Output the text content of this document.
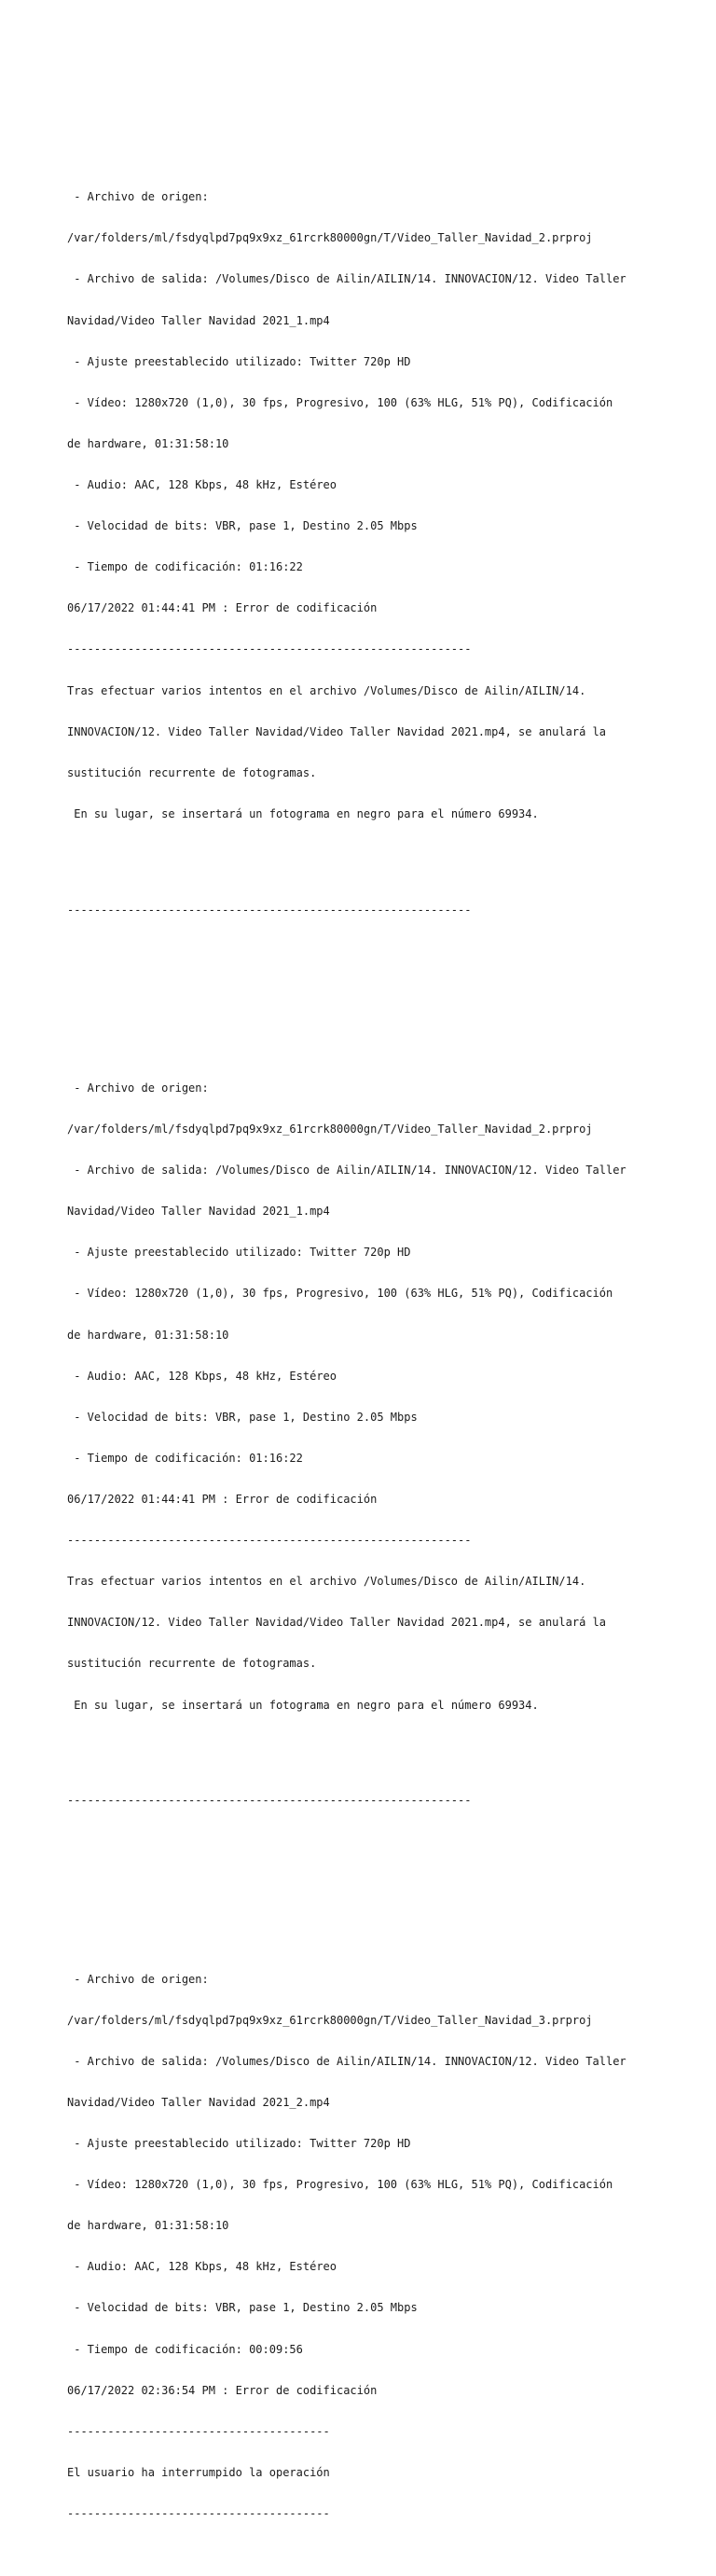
- Archivo de origen:

/var/folders/ml/fsdyqlpd7pq9x9xz_61rcrk80000gn/T/Video_Taller_Navidad_2.prproj

- Archivo de salida: /Volumes/Disco de Ailin/AILIN/14. INNOVACION/12. Video Taller

Navidad/Video Taller Navidad 2021_1.mp4

- Ajuste preestablecido utilizado: Twitter 720p HD

- Vídeo: 1280x720 (1,0), 30 fps, Progresivo, 100 (63% HLG, 51% PQ), Codificación

de hardware, 01:31:58:10

- Audio: AAC, 128 Kbps, 48 kHz, Estéreo

- Velocidad de bits: VBR, pase 1, Destino 2.05 Mbps

- Tiempo de codificación: 01:16:22

06/17/2022 01:44:41 PM : Error de codificación

------------------------------------------------------------

Tras efectuar varios intentos en el archivo /Volumes/Disco de Ailin/AILIN/14.

INNOVACION/12. Video Taller Navidad/Video Taller Navidad 2021.mp4, se anulará la

sustitución recurrente de fotogramas.

En su lugar, se insertará un fotograma en negro para el número 69934.

------------------------------------------------------------

- Archivo de origen:

/var/folders/ml/fsdyqlpd7pq9x9xz_61rcrk80000gn/T/Video_Taller_Navidad_2.prproj

- Archivo de salida: /Volumes/Disco de Ailin/AILIN/14. INNOVACION/12. Video Taller

Navidad/Video Taller Navidad 2021_1.mp4

- Ajuste preestablecido utilizado: Twitter 720p HD

- Vídeo: 1280x720 (1,0), 30 fps, Progresivo, 100 (63% HLG, 51% PQ), Codificación

de hardware, 01:31:58:10

- Audio: AAC, 128 Kbps, 48 kHz, Estéreo

- Velocidad de bits: VBR, pase 1, Destino 2.05 Mbps

- Tiempo de codificación: 01:16:22

06/17/2022 01:44:41 PM : Error de codificación

------------------------------------------------------------

Tras efectuar varios intentos en el archivo /Volumes/Disco de Ailin/AILIN/14.

INNOVACION/12. Video Taller Navidad/Video Taller Navidad 2021.mp4, se anulará la

sustitución recurrente de fotogramas.

En su lugar, se insertará un fotograma en negro para el número 69934.

------------------------------------------------------------

- Archivo de origen:

/var/folders/ml/fsdyqlpd7pq9x9xz_61rcrk80000gn/T/Video_Taller_Navidad_3.prproj

- Archivo de salida: /Volumes/Disco de Ailin/AILIN/14. INNOVACION/12. Video Taller

Navidad/Video Taller Navidad 2021_2.mp4

- Ajuste preestablecido utilizado: Twitter 720p HD

- Vídeo: 1280x720 (1,0), 30 fps, Progresivo, 100 (63% HLG, 51% PQ), Codificación

de hardware, 01:31:58:10

- Audio: AAC, 128 Kbps, 48 kHz, Estéreo

- Velocidad de bits: VBR, pase 1, Destino 2.05 Mbps

- Tiempo de codificación: 00:09:56

06/17/2022 02:36:54 PM : Error de codificación

---------------------------------------

El usuario ha interrumpido la operación

---------------------------------------
